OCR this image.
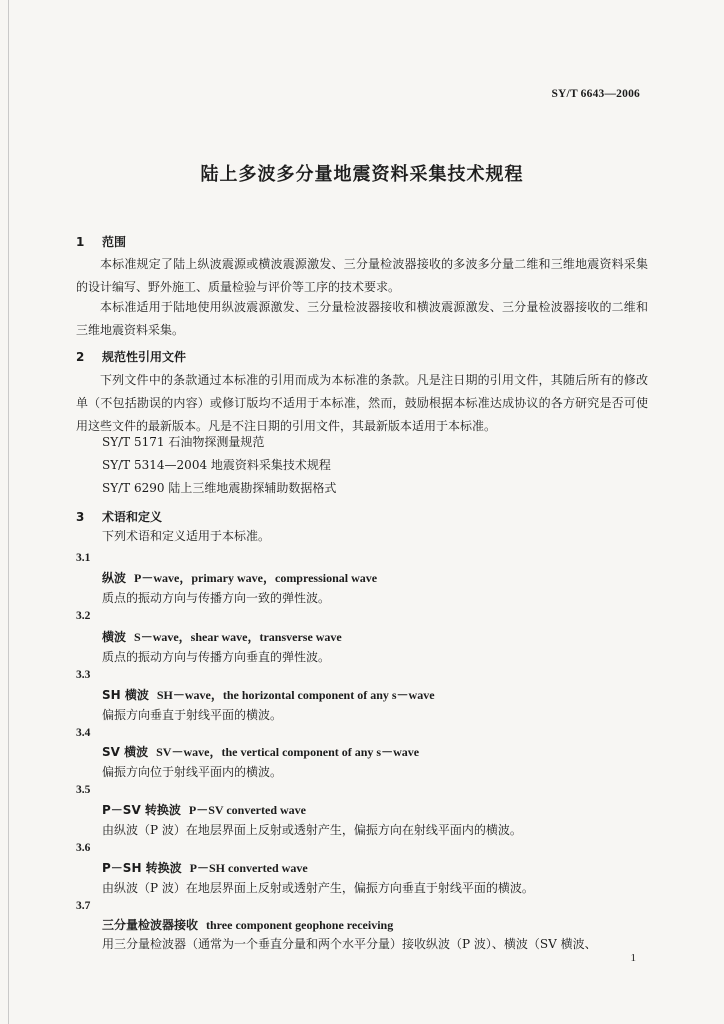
SY/T 6643—2006
陆上多波多分量地震资料采集技术规程
1 范围
本标准规定了陆上纵波震源或横波震源激发、三分量检波器接收的多波多分量二维和三维地震资料采集的设计编写、野外施工、质量检验与评价等工序的技术要求。
本标准适用于陆地使用纵波震源激发、三分量检波器接收和横波震源激发、三分量检波器接收的二维和三维地震资料采集。
2 规范性引用文件
下列文件中的条款通过本标准的引用而成为本标准的条款。凡是注日期的引用文件，其随后所有的修改单（不包括勘误的内容）或修订版均不适用于本标准，然而，鼓励根据本标准达成协议的各方研究是否可使用这些文件的最新版本。凡是不注日期的引用文件，其最新版本适用于本标准。
SY/T 5171 石油物探测量规范
SY/T 5314—2004 地震资料采集技术规程
SY/T 6290 陆上三维地震勘探辅助数据格式
3 术语和定义
下列术语和定义适用于本标准。
3.1
纵波 P－wave，primary wave，compressional wave
质点的振动方向与传播方向一致的弹性波。
3.2
横波 S－wave，shear wave，transverse wave
质点的振动方向与传播方向垂直的弹性波。
3.3
SH 横波 SH－wave，the horizontal component of any s－wave
偏振方向垂直于射线平面的横波。
3.4
SV 横波 SV－wave，the vertical component of any s－wave
偏振方向位于射线平面内的横波。
3.5
P－SV 转换波 P－SV converted wave
由纵波（P 波）在地层界面上反射或透射产生，偏振方向在射线平面内的横波。
3.6
P－SH 转换波 P－SH converted wave
由纵波（P 波）在地层界面上反射或透射产生，偏振方向垂直于射线平面的横波。
3.7
三分量检波器接收 three component geophone receiving
用三分量检波器（通常为一个垂直分量和两个水平分量）接收纵波（P 波）、横波（SV 横波、
1
